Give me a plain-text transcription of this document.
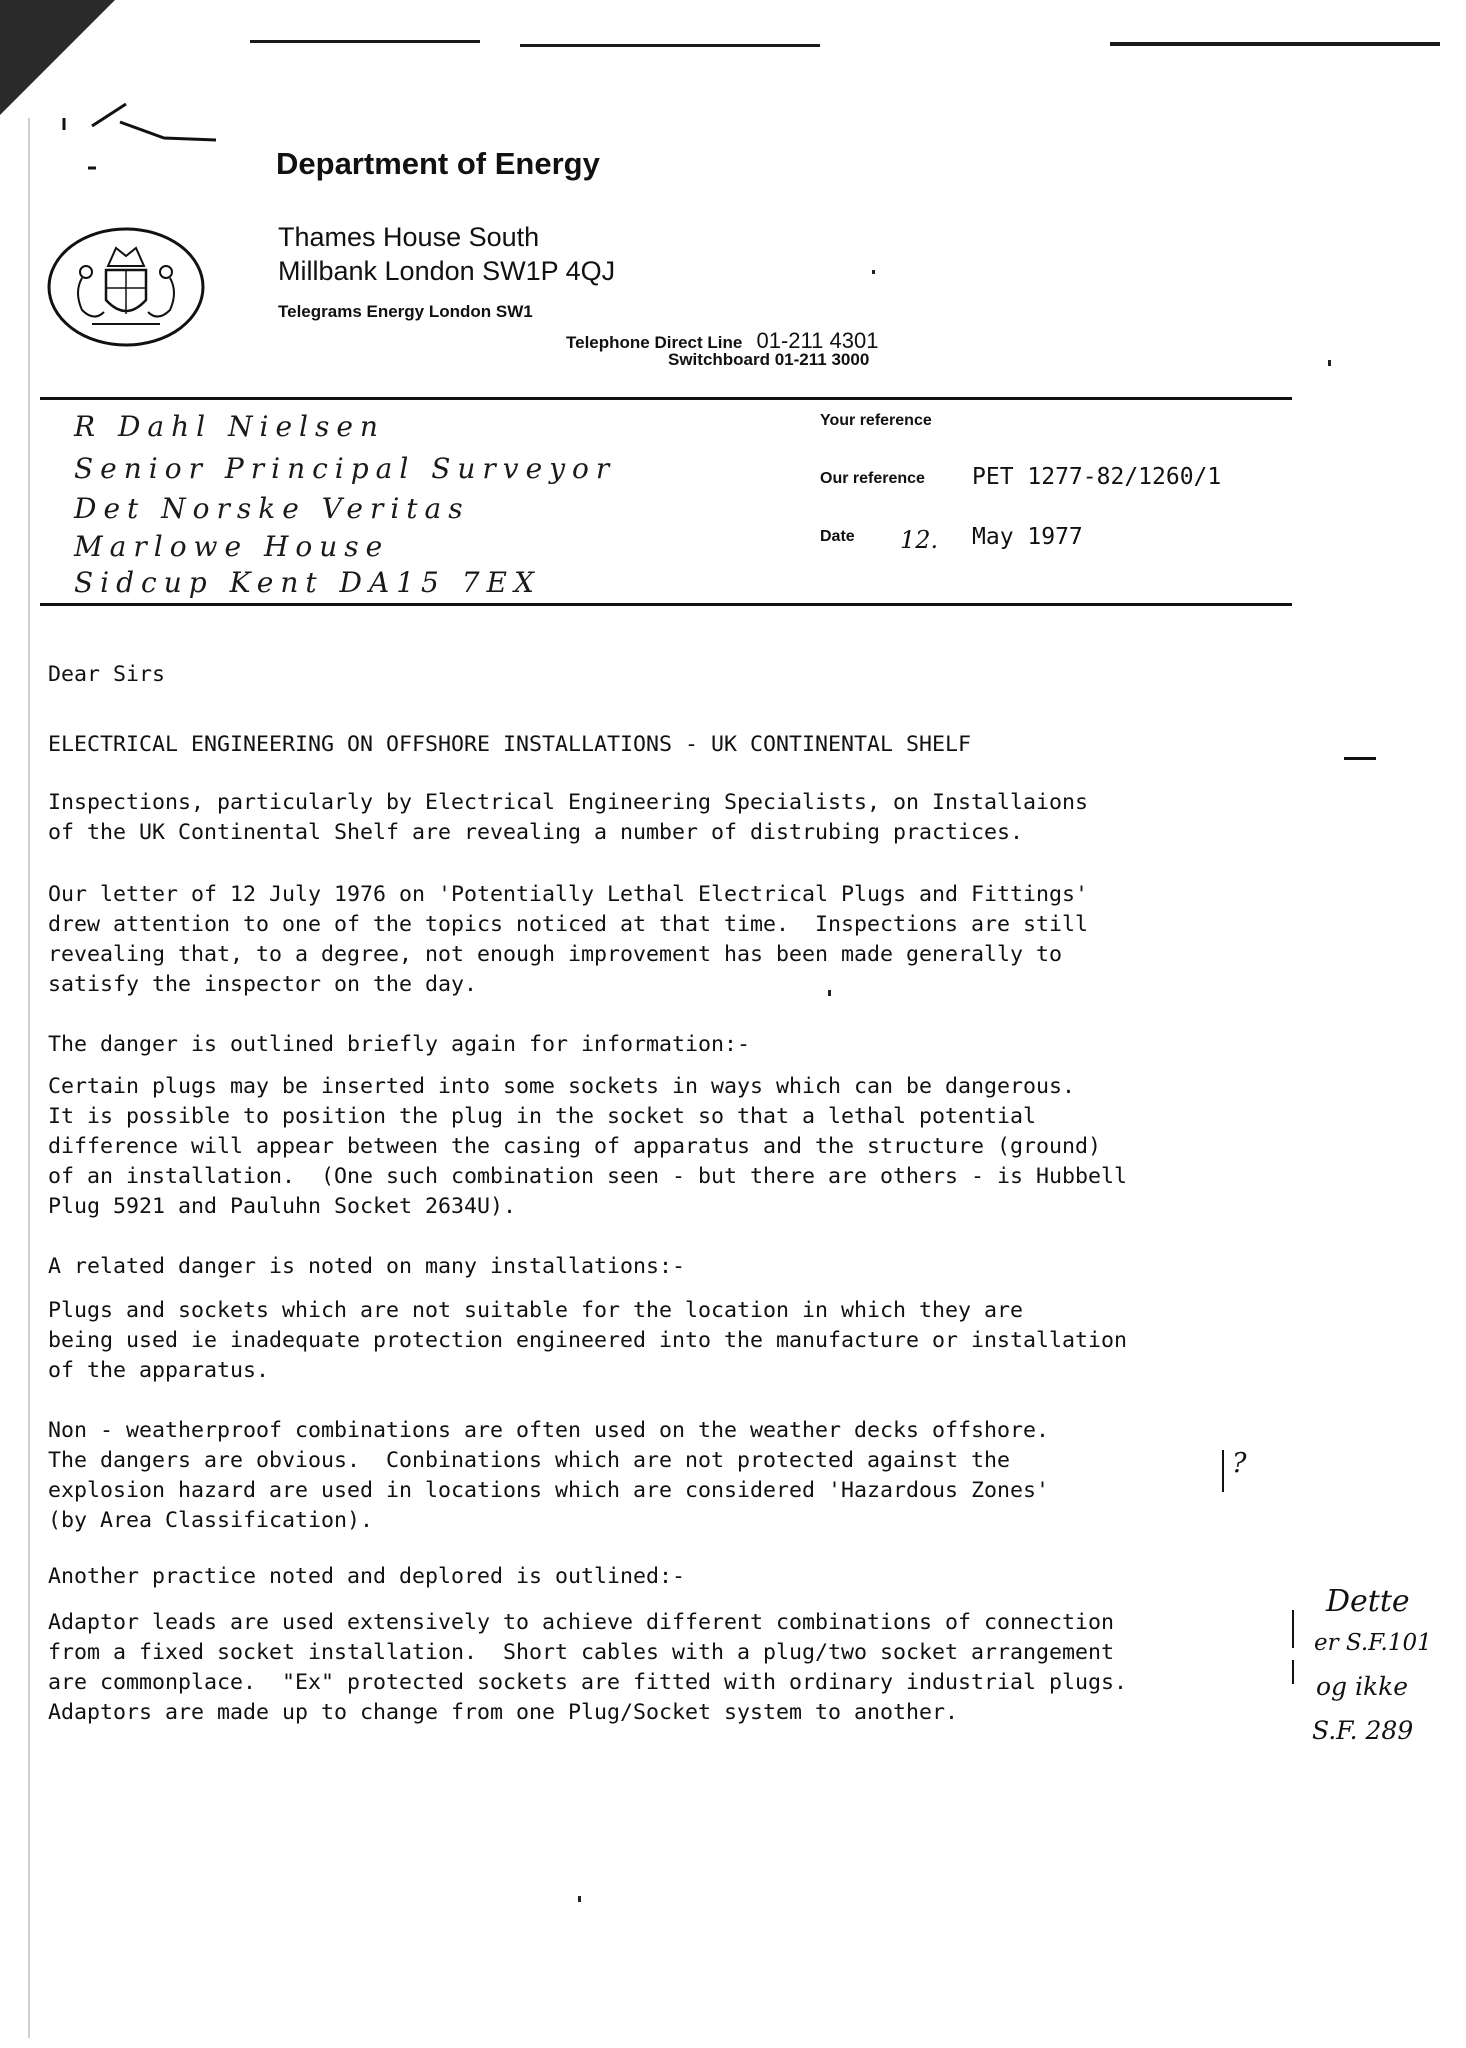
Department of Energy
Thames House South
Millbank London SW1P 4QJ
Telegrams Energy London SW1
Telephone Direct Line 01-211 4301
Switchboard 01-211 3000
R Dahl Nielsen
Senior Principal Surveyor
Det Norske Veritas
Marlowe House
Sidcup Kent DA15 7EX
Your reference
Our reference PET 1277-82/1260/1
Date 12. May 1977
Dear Sirs
ELECTRICAL ENGINEERING ON OFFSHORE INSTALLATIONS - UK CONTINENTAL SHELF
Inspections, particularly by Electrical Engineering Specialists, on Installaions
of the UK Continental Shelf are revealing a number of distrubing practices.
Our letter of 12 July 1976 on 'Potentially Lethal Electrical Plugs and Fittings'
drew attention to one of the topics noticed at that time.  Inspections are still
revealing that, to a degree, not enough improvement has been made generally to
satisfy the inspector on the day.
The danger is outlined briefly again for information:-
Certain plugs may be inserted into some sockets in ways which can be dangerous.
It is possible to position the plug in the socket so that a lethal potential
difference will appear between the casing of apparatus and the structure (ground)
of an installation.  (One such combination seen - but there are others - is Hubbell
Plug 5921 and Pauluhn Socket 2634U).
A related danger is noted on many installations:-
Plugs and sockets which are not suitable for the location in which they are
being used ie inadequate protection engineered into the manufacture or installation
of the apparatus.
Non - weatherproof combinations are often used on the weather decks offshore.
The dangers are obvious.  Conbinations which are not protected against the
explosion hazard are used in locations which are considered 'Hazardous Zones'
(by Area Classification).
Another practice noted and deplored is outlined:-
Adaptor leads are used extensively to achieve different combinations of connection
from a fixed socket installation.  Short cables with a plug/two socket arrangement
are commonplace.  "Ex" protected sockets are fitted with ordinary industrial plugs.
Adaptors are made up to change from one Plug/Socket system to another.
?
Dette
er S.F.101
og ikke
S.F. 289
